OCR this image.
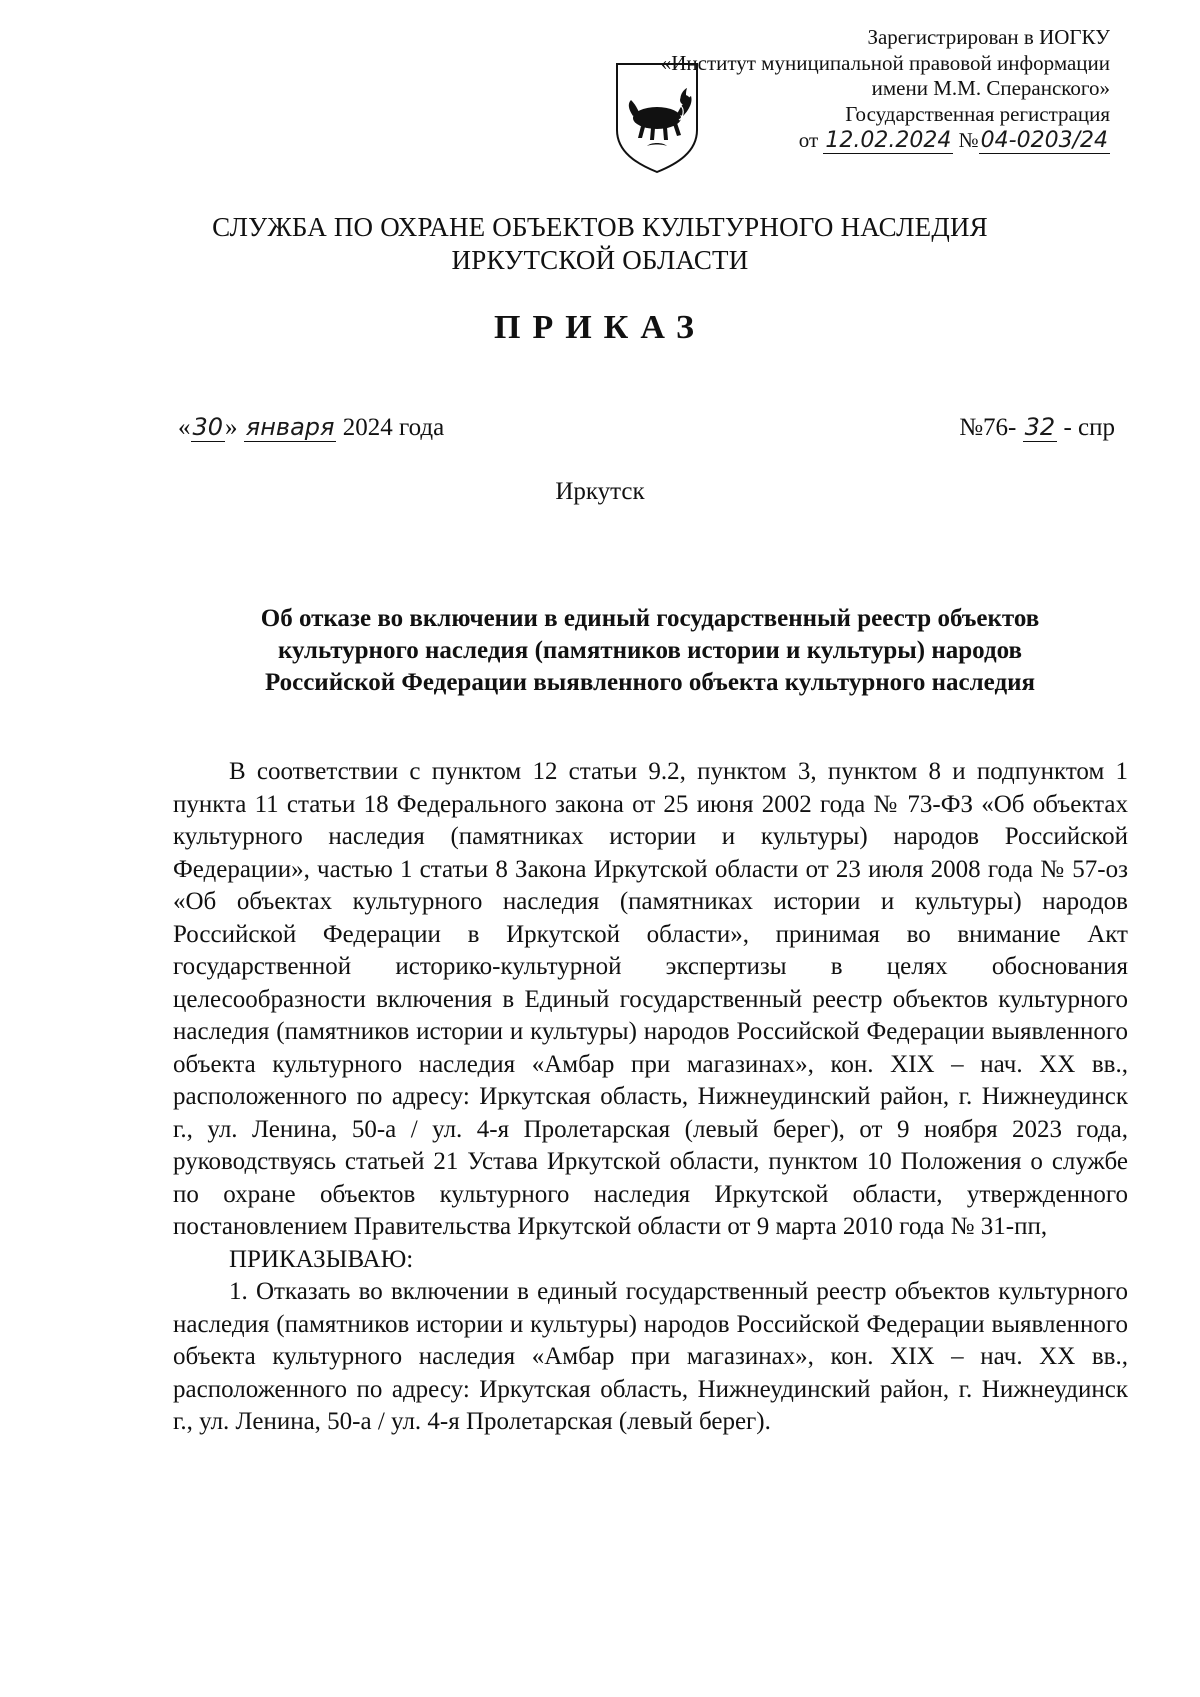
Зарегистрирован в ИОГКУ
«Институт муниципальной правовой информации
имени М.М. Сперанского»
Государственная регистрация
от 12.02.2024 №04-0203/24
СЛУЖБА ПО ОХРАНЕ ОБЪЕКТОВ КУЛЬТУРНОГО НАСЛЕДИЯ
ИРКУТСКОЙ ОБЛАСТИ
ПРИКАЗ
«30» января 2024 года	№76- 32 - спр
Иркутск
Об отказе во включении в единый государственный реестр объектов
культурного наследия (памятников истории и культуры) народов
Российской Федерации выявленного объекта культурного наследия

В соответствии с пунктом 12 статьи 9.2, пунктом 3, пунктом 8 и подпунктом 1 пункта 11 статьи 18 Федерального закона от 25 июня 2002 года № 73-ФЗ «Об объектах культурного наследия (памятниках истории и культуры) народов Российской Федерации», частью 1 статьи 8 Закона Иркутской области от 23 июля 2008 года № 57-оз «Об объектах культурного наследия (памятниках истории и культуры) народов Российской Федерации в Иркутской области», принимая во внимание Акт государственной историко-культурной экспертизы в целях обоснования целесообразности включения в Единый государственный реестр объектов культурного наследия (памятников истории и культуры) народов Российской Федерации выявленного объекта культурного наследия «Амбар при магазинах», кон. XIX – нач. XX вв., расположенного по адресу: Иркутская область, Нижнеудинский район, г. Нижнеудинск г., ул. Ленина, 50-а / ул. 4-я Пролетарская (левый берег), от 9 ноября 2023 года, руководствуясь статьей 21 Устава Иркутской области, пунктом 10 Положения о службе по охране объектов культурного наследия Иркутской области, утвержденного постановлением Правительства Иркутской области от 9 марта 2010 года № 31-пп,

ПРИКАЗЫВАЮ:

1. Отказать во включении в единый государственный реестр объектов культурного наследия (памятников истории и культуры) народов Российской Федерации выявленного объекта культурного наследия «Амбар при магазинах», кон. XIX – нач. XX вв., расположенного по адресу: Иркутская область, Нижнеудинский район, г. Нижнеудинск г., ул. Ленина, 50-а / ул. 4-я Пролетарская (левый берег).
